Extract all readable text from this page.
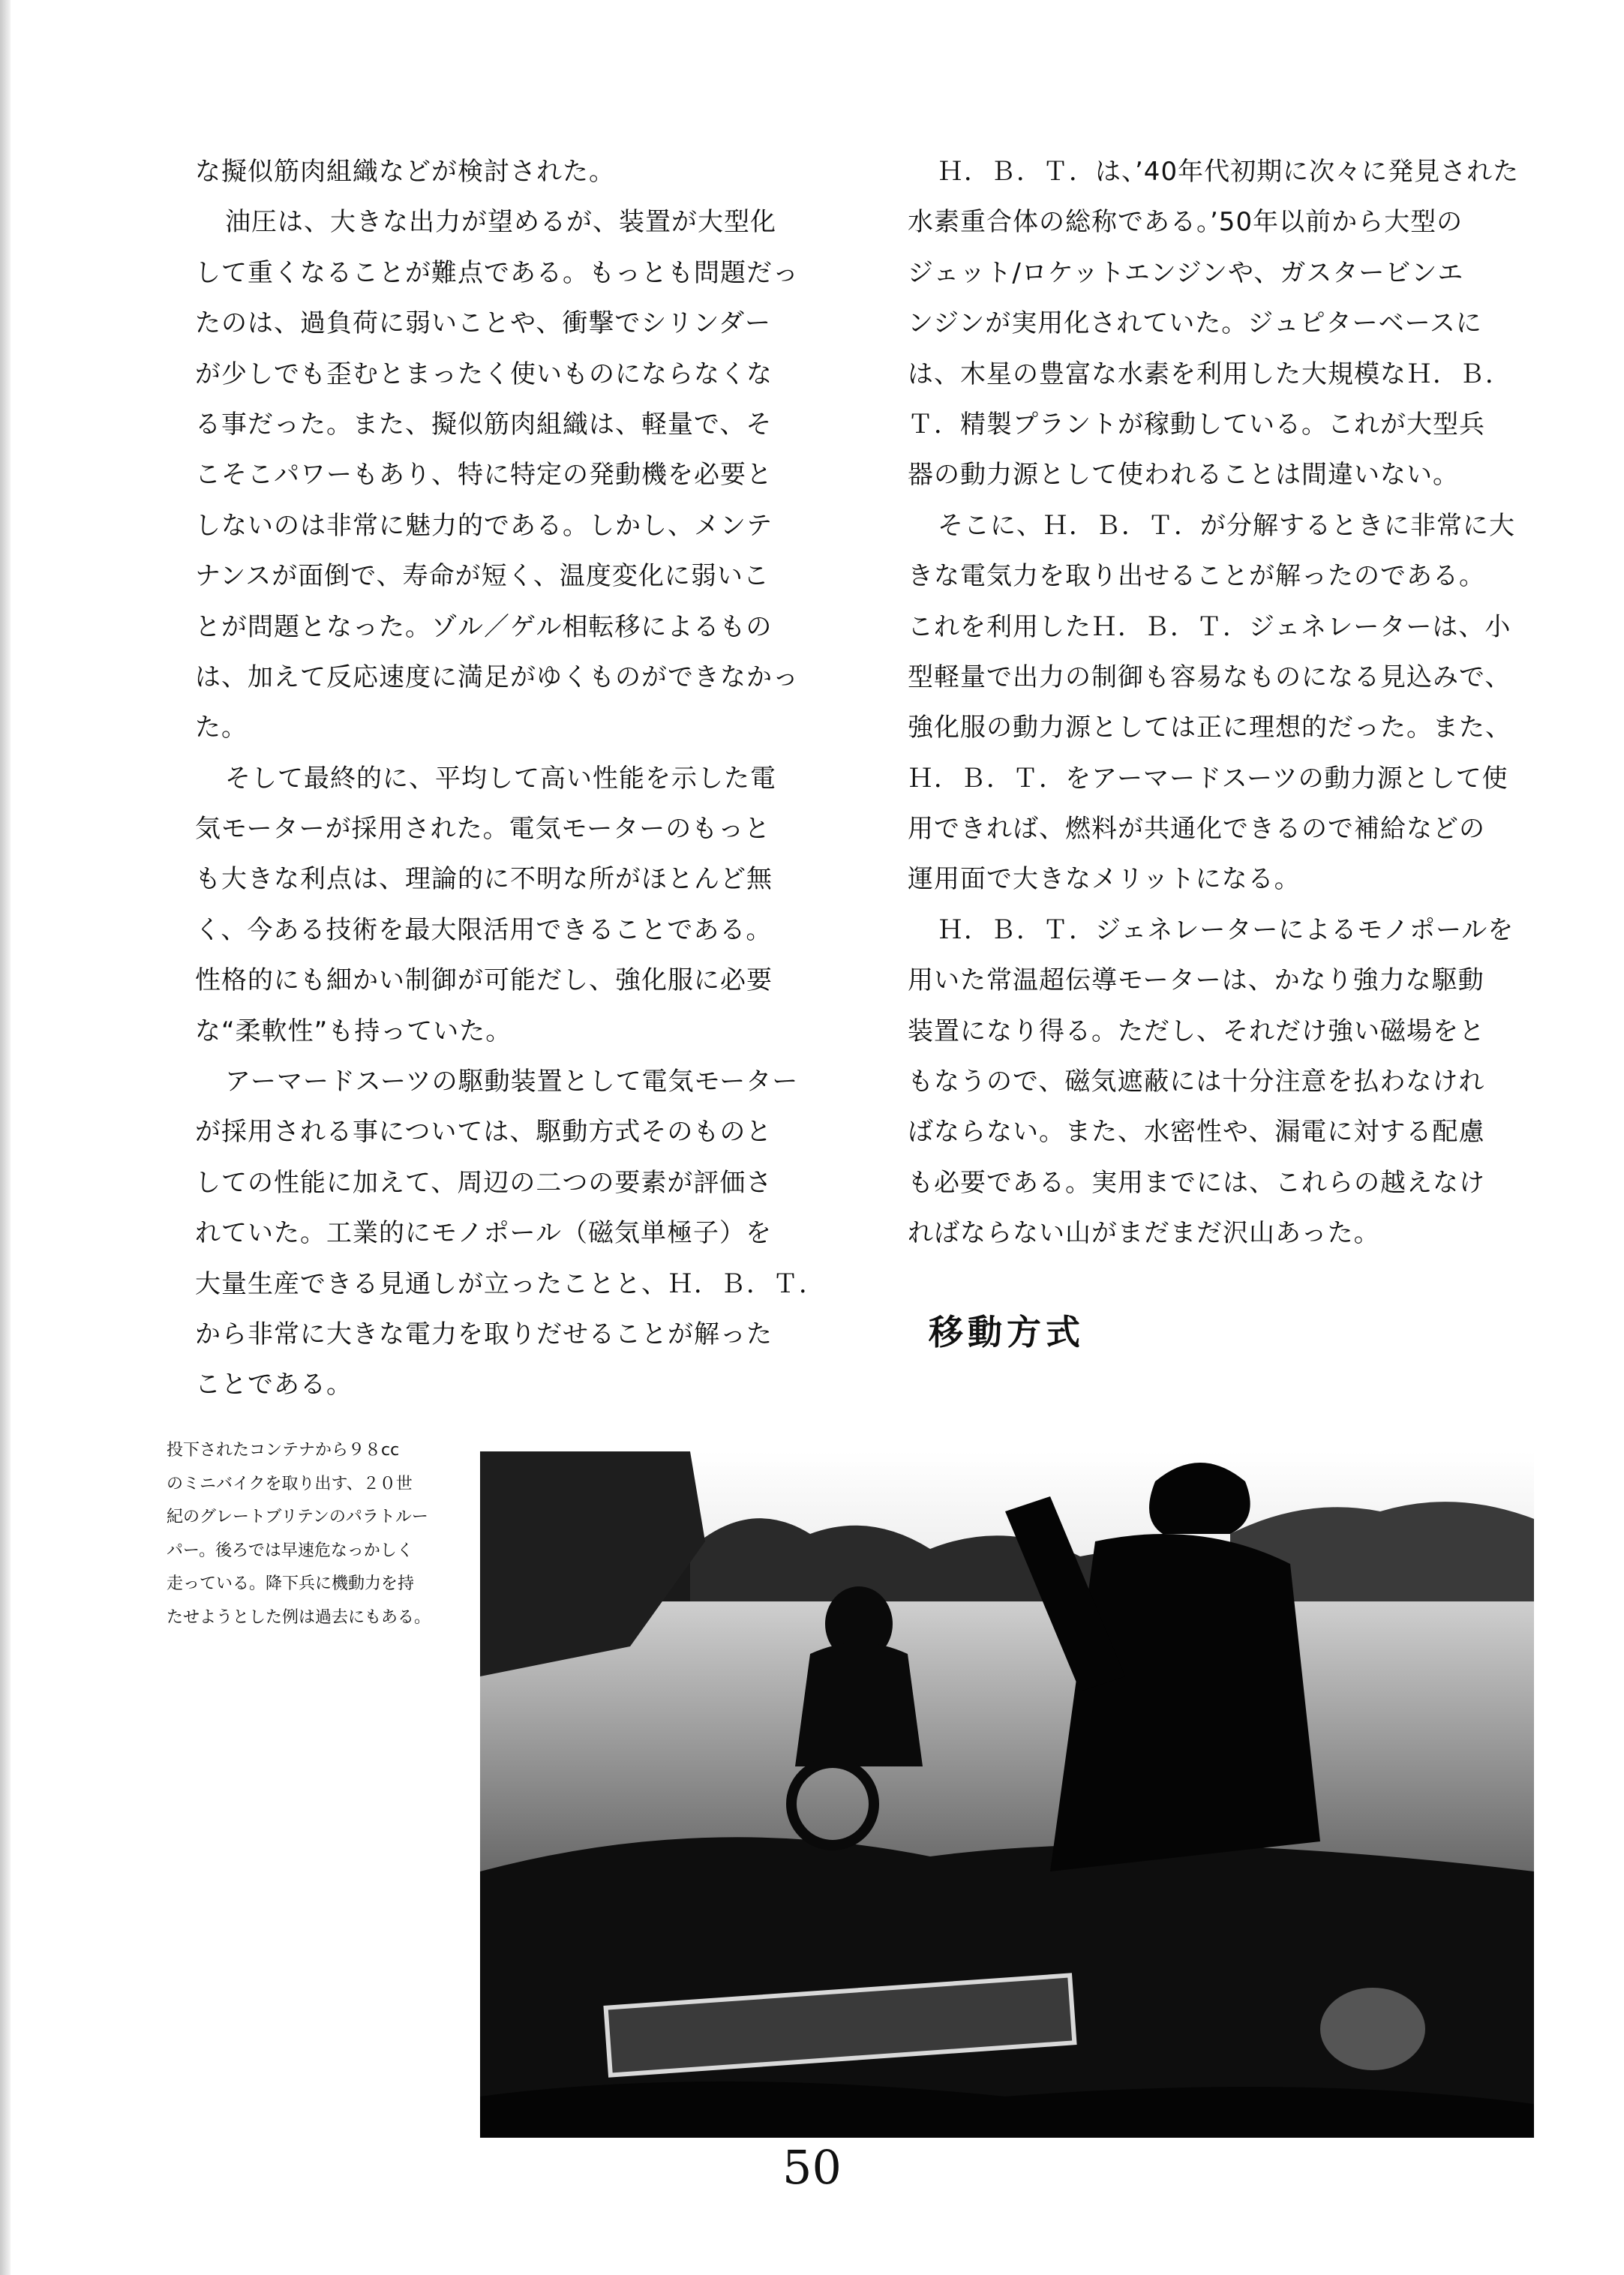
な擬似筋肉組織などが検討された。
油圧は、大きな出力が望めるが、装置が大型化
して重くなることが難点である。もっとも問題だっ
たのは、過負荷に弱いことや、衝撃でシリンダー
が少しでも歪むとまったく使いものにならなくな
る事だった。また、擬似筋肉組織は、軽量で、そ
こそこパワーもあり、特に特定の発動機を必要と
しないのは非常に魅力的である。しかし、メンテ
ナンスが面倒で、寿命が短く、温度変化に弱いこ
とが問題となった。ゾル／ゲル相転移によるもの
は、加えて反応速度に満足がゆくものができなかっ
た。
そして最終的に、平均して高い性能を示した電
気モーターが採用された。電気モーターのもっと
も大きな利点は、理論的に不明な所がほとんど無
く、今ある技術を最大限活用できることである。
性格的にも細かい制御が可能だし、強化服に必要
な“柔軟性”も持っていた。
アーマードスーツの駆動装置として電気モーター
が採用される事については、駆動方式そのものと
しての性能に加えて、周辺の二つの要素が評価さ
れていた。工業的にモノポール（磁気単極子）を
大量生産できる見通しが立ったことと、Ｈ．Ｂ．Ｔ．
から非常に大きな電力を取りだせることが解った
ことである。
Ｈ．Ｂ．Ｔ．は、’40年代初期に次々に発見された
水素重合体の総称である。’50年以前から大型の
ジェット/ロケットエンジンや、ガスタービンエ
ンジンが実用化されていた。ジュピターベースに
は、木星の豊富な水素を利用した大規模なＨ．Ｂ．
Ｔ．精製プラントが稼動している。これが大型兵
器の動力源として使われることは間違いない。
そこに、Ｈ．Ｂ．Ｔ．が分解するときに非常に大
きな電気力を取り出せることが解ったのである。
これを利用したＨ．Ｂ．Ｔ．ジェネレーターは、小
型軽量で出力の制御も容易なものになる見込みで、
強化服の動力源としては正に理想的だった。また、
Ｈ．Ｂ．Ｔ．をアーマードスーツの動力源として使
用できれば、燃料が共通化できるので補給などの
運用面で大きなメリットになる。
Ｈ．Ｂ．Ｔ．ジェネレーターによるモノポールを
用いた常温超伝導モーターは、かなり強力な駆動
装置になり得る。ただし、それだけ強い磁場をと
もなうので、磁気遮蔽には十分注意を払わなけれ
ばならない。また、水密性や、漏電に対する配慮
も必要である。実用までには、これらの越えなけ
ればならない山がまだまだ沢山あった。
移動方式
投下されたコンテナから９８cc
のミニバイクを取り出す、２０世
紀のグレートブリテンのパラトルー
パー。後ろでは早速危なっかしく
走っている。降下兵に機動力を持
たせようとした例は過去にもある。
50
